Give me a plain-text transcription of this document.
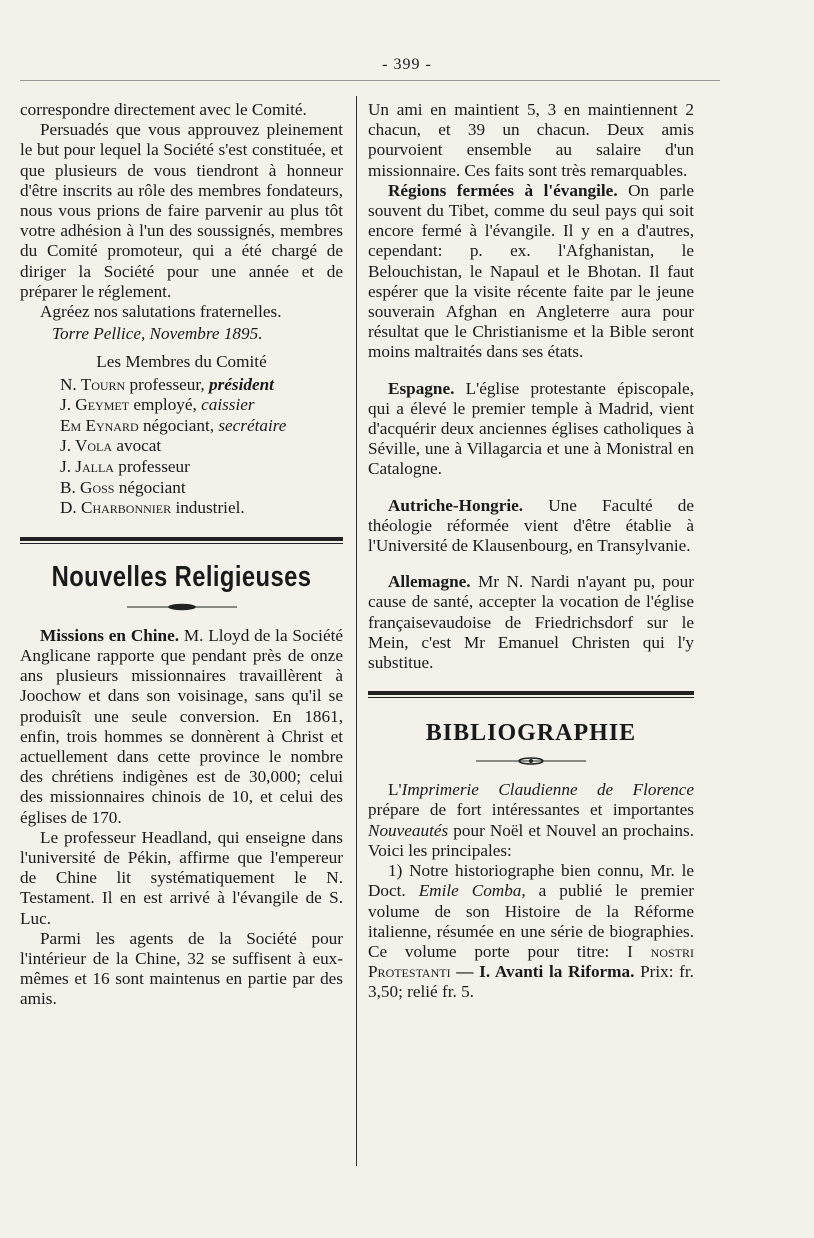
- 399 -

correspondre directement avec le Comité.

Persuadés que vous approuvez pleinement le but pour lequel la Société s'est constituée, et que plusieurs de vous tiendront à honneur d'être inscrits au rôle des membres fondateurs, nous vous prions de faire parvenir au plus tôt votre adhésion à l'un des soussignés, membres du Comité promoteur, qui a été chargé de diriger la Société pour une année et de préparer le réglement.

Agréez nos salutations fraternelles.

Torre Pellice, Novembre 1895.

Les Membres du Comité

N. Tourn professeur, président

J. Geymet employé, caissier

Em Eynard négociant, secrétaire

J. Vola avocat

J. Jalla professeur

B. Goss négociant

D. Charbonnier industriel.

Nouvelles Religieuses

Missions en Chine. M. Lloyd de la Société Anglicane rapporte que pendant près de onze ans plusieurs missionnaires travaillèrent à Joochow et dans son voisinage, sans qu'il se produisît une seule conversion. En 1861, enfin, trois hommes se donnèrent à Christ et actuellement dans cette province le nombre des chrétiens indigènes est de 30,000; celui des missionnaires chinois de 10, et celui des églises de 170.

Le professeur Headland, qui enseigne dans l'université de Pékin, affirme que l'empereur de Chine lit systématiquement le N. Testament. Il en est arrivé à l'évangile de S. Luc.

Parmi les agents de la Société pour l'intérieur de la Chine, 32 se suffisent à eux-mêmes et 16 sont maintenus en partie par des amis.

Un ami en maintient 5, 3 en maintiennent 2 chacun, et 39 un chacun. Deux amis pourvoient ensemble au salaire d'un missionnaire. Ces faits sont très remarquables.

Régions fermées à l'évangile. On parle souvent du Tibet, comme du seul pays qui soit encore fermé à l'évangile. Il y en a d'autres, cependant: p. ex. l'Afghanistan, le Belouchistan, le Napaul et le Bhotan. Il faut espérer que la visite récente faite par le jeune souverain Afghan en Angleterre aura pour résultat que le Christianisme et la Bible seront moins maltraités dans ses états.

Espagne. L'église protestante épiscopale, qui a élevé le premier temple à Madrid, vient d'acquérir deux anciennes églises catholiques à Séville, une à Villagarcia et une à Monistral en Catalogne.

Autriche-Hongrie. Une Faculté de théologie réformée vient d'être établie à l'Université de Klausenbourg, en Transylvanie.

Allemagne. Mr N. Nardi n'ayant pu, pour cause de santé, accepter la vocation de l'église françaisevaudoise de Friedrichsdorf sur le Mein, c'est Mr Emanuel Christen qui l'y substitue.

BIBLIOGRAPHIE

L'Imprimerie Claudienne de Florence prépare de fort intéressantes et importantes Nouveautés pour Noël et Nouvel an prochains. Voici les principales:

1) Notre historiographe bien connu, Mr. le Doct. Emile Comba, a publié le premier volume de son Histoire de la Réforme italienne, résumée en une série de biographies. Ce volume porte pour titre: I nostri Protestanti — I. Avanti la Riforma. Prix: fr. 3,50; relié fr. 5.
